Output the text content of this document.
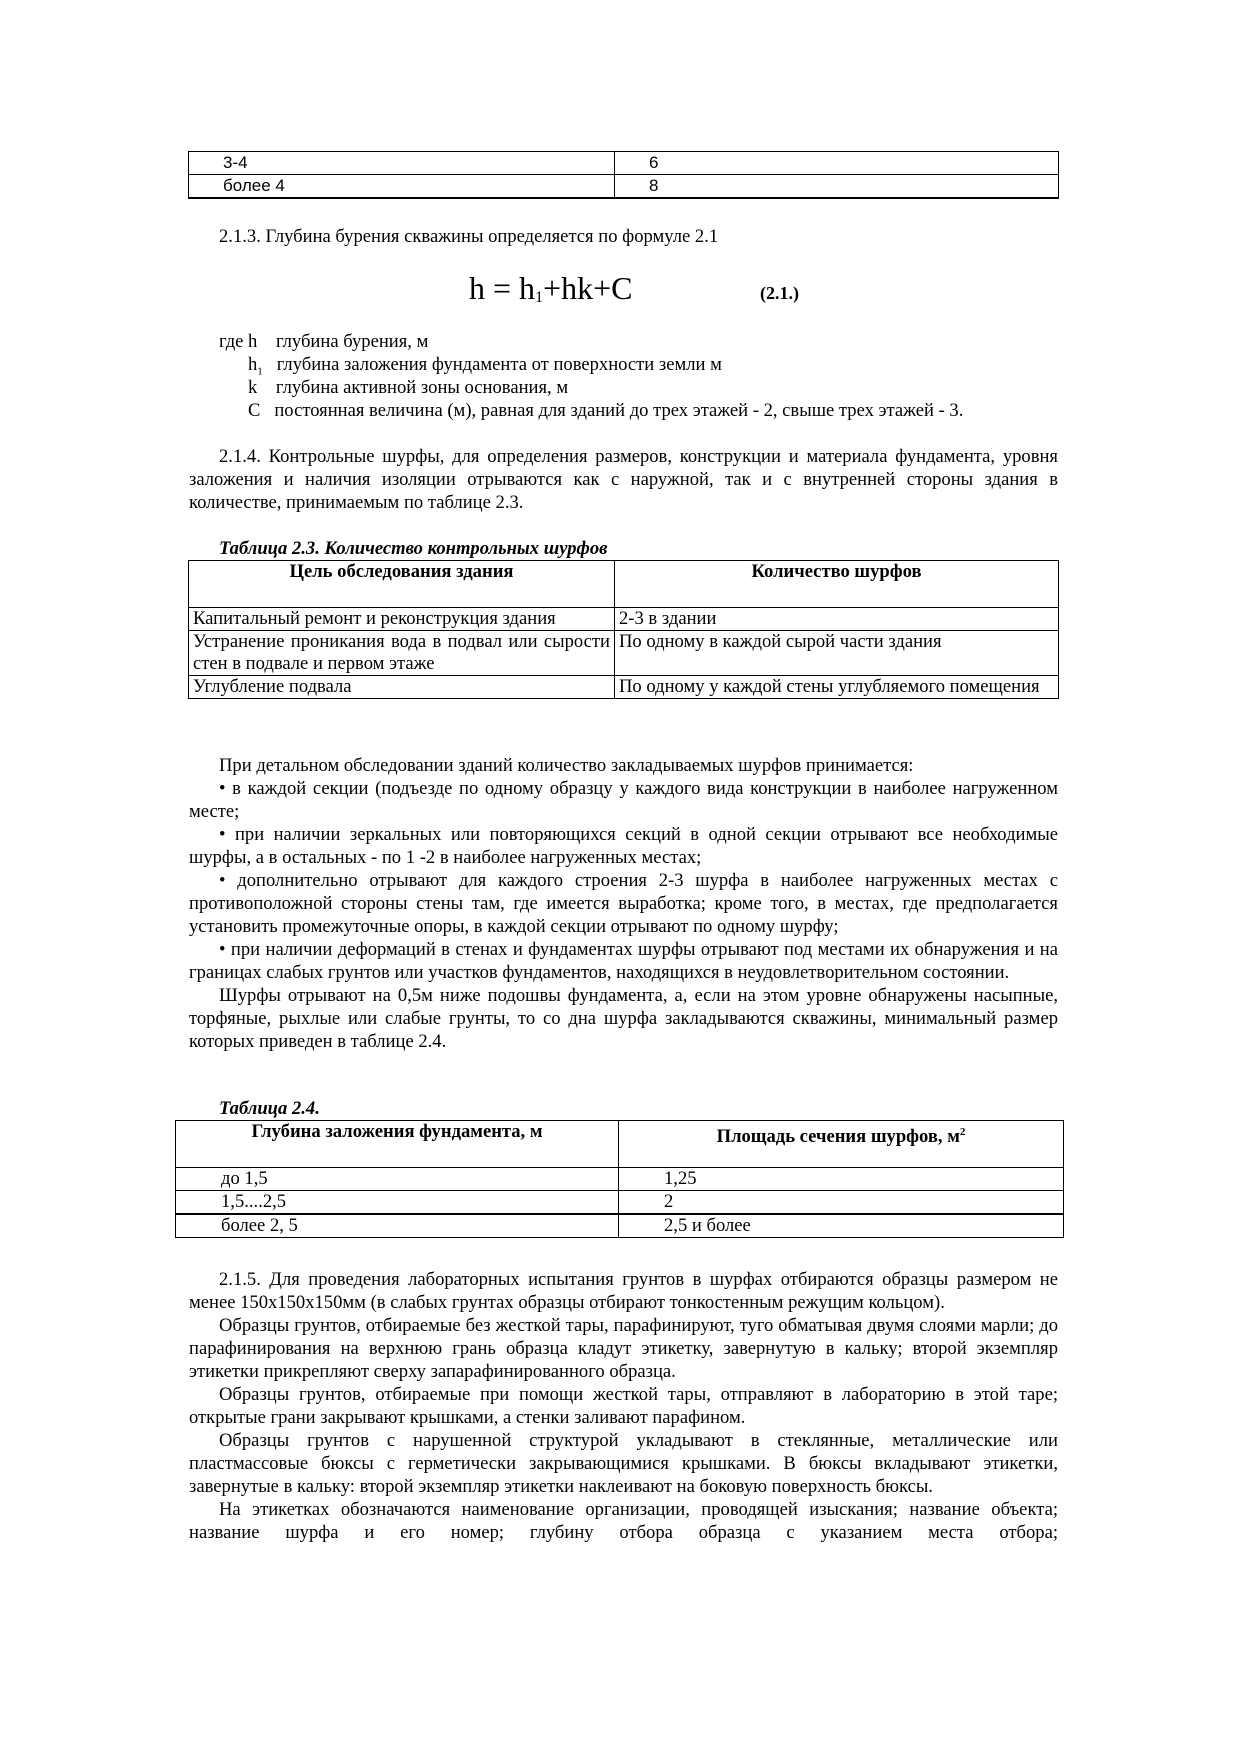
3-4	6
более 4	8
2.1.3. Глубина бурения скважины определяется по формуле 2.1
$h = h_1+hk+C$	(2.1.)
где h глубина бурения, м
$h_1$ глубина заложения фундамента от поверхности земли м
k глубина активной зоны основания, м
C постоянная величина (м), равная для зданий до трех этажей - 2, свыше трех этажей - 3.
2.1.4. Контрольные шурфы, для определения размеров, конструкции и материала фундамента, уровня заложения и наличия изоляции отрываются как с наружной, так и с внутренней стороны здания в количестве, принимаемым по таблице 2.3.
Таблица 2.3. Количество контрольных шурфов
Цель обследования здания	Количество шурфов
Капитальный ремонт и реконструкция здания	2-3 в здании
Устранение проникания вода в подвал или сырости стен в подвале и первом этаже	По одному в каждой сырой части здания
Углубление подвала	По одному у каждой стены углубляемого помещения
При детальном обследовании зданий количество закладываемых шурфов принимается:
• в каждой секции (подъезде по одному образцу у каждого вида конструкции в наиболее нагруженном месте;
• при наличии зеркальных или повторяющихся секций в одной секции отрывают все необходимые шурфы, а в остальных - по 1 -2 в наиболее нагруженных местах;
• дополнительно отрывают для каждого строения 2-3 шурфа в наиболее нагруженных местах с противоположной стороны стены там, где имеется выработка; кроме того, в местах, где предполагается установить промежуточные опоры, в каждой секции отрывают по одному шурфу;
• при наличии деформаций в стенах и фундаментах шурфы отрывают под местами их обнаружения и на границах слабых грунтов или участков фундаментов, находящихся в неудовлетворительном состоянии.
Шурфы отрывают на 0,5м ниже подошвы фундамента, а, если на этом уровне обнаружены насыпные, торфяные, рыхлые или слабые грунты, то со дна шурфа закладываются скважины, минимальный размер которых приведен в таблице 2.4.
Таблица 2.4.
Глубина заложения фундамента, м	Площадь сечения шурфов, $м^2$
до 1,5	1,25
1,5....2,5	2
более 2, 5	2,5 и более
2.1.5. Для проведения лабораторных испытания грунтов в шурфах отбираются образцы размером не менее 150х150х150мм (в слабых грунтах образцы отбирают тонкостенным режущим кольцом).
Образцы грунтов, отбираемые без жесткой тары, парафинируют, туго обматывая двумя слоями марли; до парафинирования на верхнюю грань образца кладут этикетку, завернутую в кальку; второй экземпляр этикетки прикрепляют сверху запарафинированного образца.
Образцы грунтов, отбираемые при помощи жесткой тары, отправляют в лабораторию в этой таре; открытые грани закрывают крышками, а стенки заливают парафином.
Образцы грунтов с нарушенной структурой укладывают в стеклянные, металлические или пластмассовые бюксы с герметически закрывающимися крышками. В бюксы вкладывают этикетки, завернутые в кальку: второй экземпляр этикетки наклеивают на боковую поверхность бюксы.
На этикетках обозначаются наименование организации, проводящей изыскания; название объекта; название шурфа и его номер; глубину отбора образца с указанием места отбора;
